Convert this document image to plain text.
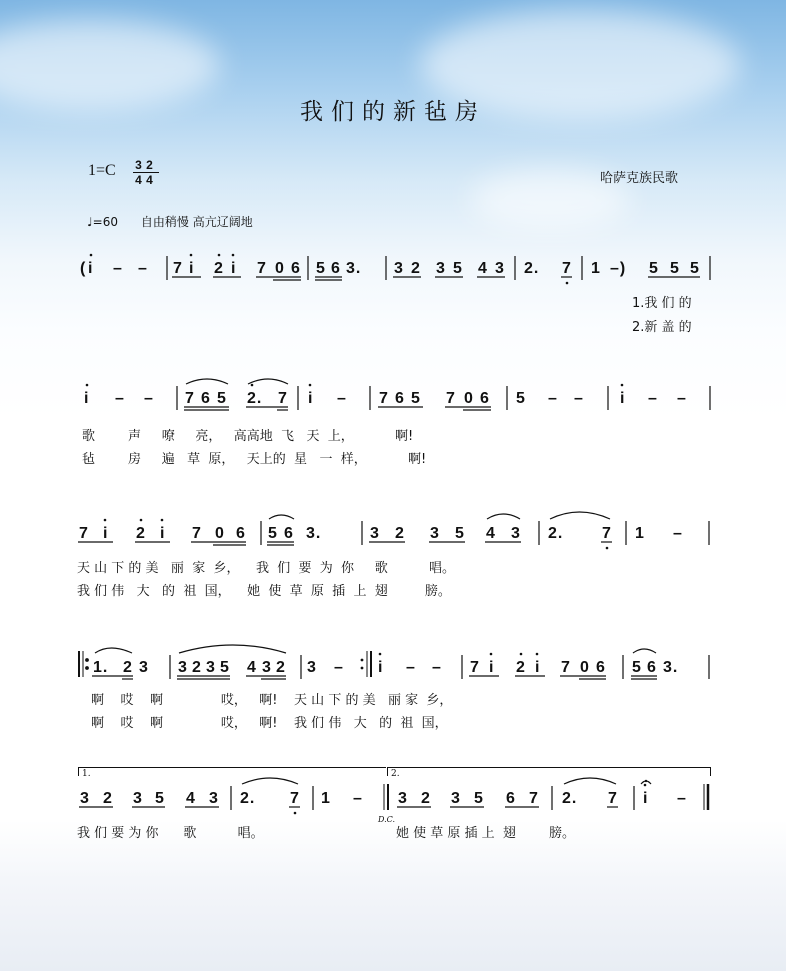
我们的新毡房
1=C 3 2
4 4	哈萨克族民歌
♩=60 自由稍慢 高亢辽阔地

( i – – 7 i 2 i 7 0 6 5 6 3. 3 2 3 5 4 3 2. 7 1 –) 5 5 5

1.我 们 的
2.新 盖 的

i – – 7 6 5 2. 7 i – 7 6 5 7 0 6 5 – – i – –

歌        声     嘹     亮，   高高地  飞   天  上，          啊!
毡        房     遍   草  原，   天上的  星   一  样，          啊!

7 i 2 i 7 0 6 5 6 3.	3 2 3 5 4 3 2. 7 1 –

天 山 下 的 美   丽  家  乡，    我  们  要  为  你     歌          唱。
我 们 伟   大   的  祖  国，    她  使  草  原  插  上  翅         膀。

1. 2 3 3 2 3 5 4 3 2 3 – i – – 7 i 2 i 7 0 6 5 6 3.

啊    哎    啊              哎，   啊!    天 山 下 的 美   丽 家  乡，
啊    哎    啊              哎，   啊!    我 们 伟   大   的  祖  国，
1.	2.

3 2 3 5 4 3 2. 7 1 – 3 2 3 5 6 7 2. 7 i –

D.C.
我 们 要 为 你      歌          唱。	她 使 草 原 插 上  翅        膀。
